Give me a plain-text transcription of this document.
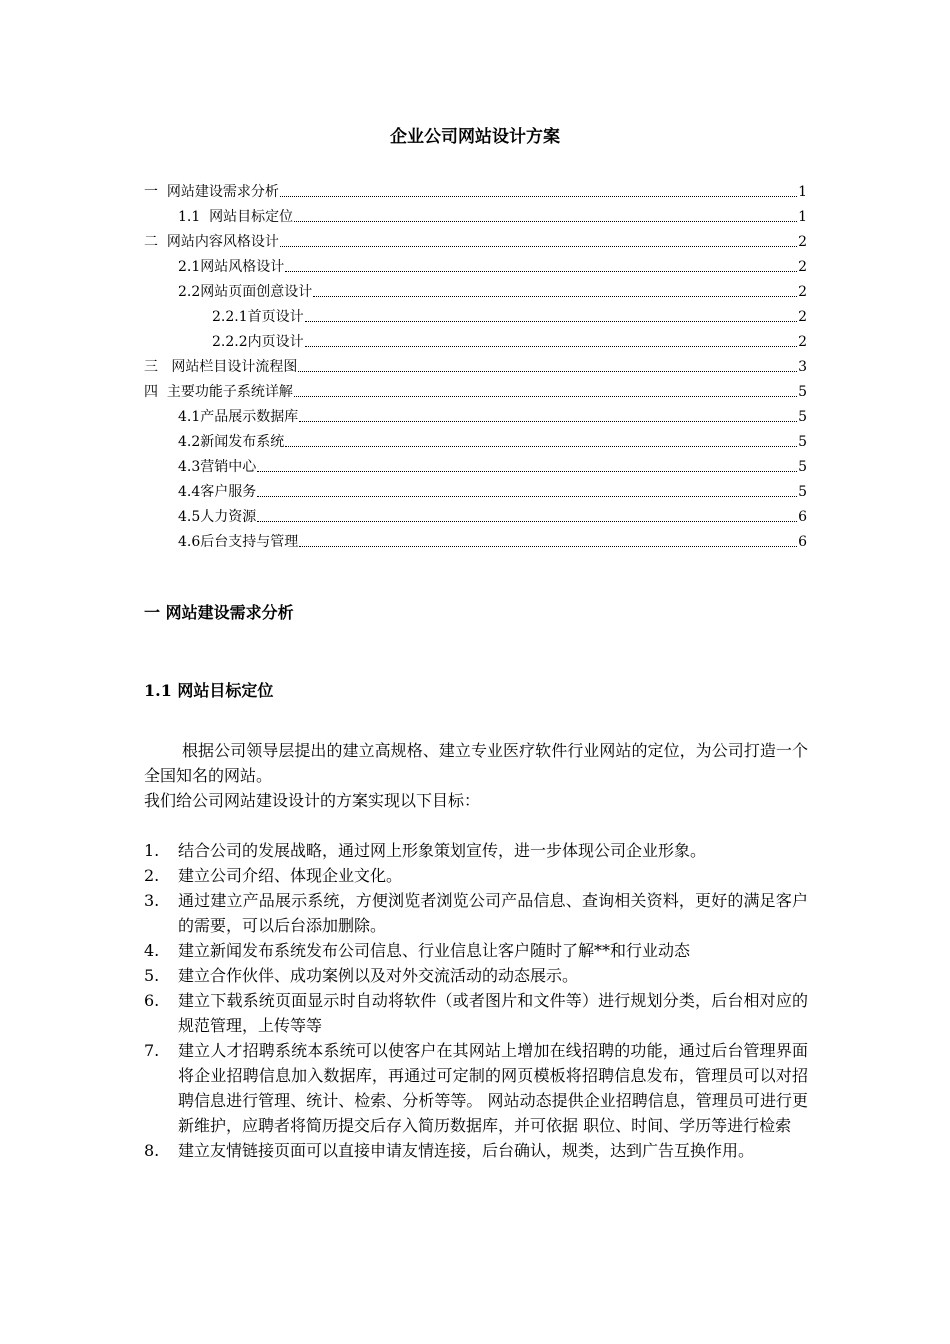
企业公司网站设计方案
一  网站建设需求分析	1
1.1  网站目标定位	1
二  网站内容风格设计	2
2.1网站风格设计	2
2.2网站页面创意设计	2
2.2.1首页设计	2
2.2.2内页设计	2
三   网站栏目设计流程图	3
四  主要功能子系统详解	5
4.1产品展示数据库	5
4.2新闻发布系统	5
4.3营销中心	5
4.4客户服务	5
4.5人力资源	6
4.6后台支持与管理	6
一 网站建设需求分析
1.1 网站目标定位
根据公司领导层提出的建立高规格、建立专业医疗软件行业网站的定位，为公司打造一个全国知名的网站。
我们给公司网站建设设计的方案实现以下目标：
1.	结合公司的发展战略，通过网上形象策划宣传，进一步体现公司企业形象。
2.	建立公司介绍、体现企业文化。
3.	通过建立产品展示系统，方便浏览者浏览公司产品信息、查询相关资料，更好的满足客户的需要，可以后台添加删除。
4.	建立新闻发布系统发布公司信息、行业信息让客户随时了解**和行业动态
5.	建立合作伙伴、成功案例以及对外交流活动的动态展示。
6.	建立下载系统页面显示时自动将软件（或者图片和文件等）进行规划分类，后台相对应的规范管理，上传等等
7.	建立人才招聘系统本系统可以使客户在其网站上增加在线招聘的功能，通过后台管理界面将企业招聘信息加入数据库，再通过可定制的网页模板将招聘信息发布，管理员可以对招聘信息进行管理、统计、检索、分析等等。 网站动态提供企业招聘信息，管理员可进行更新维护，应聘者将简历提交后存入简历数据库，并可依据 职位、时间、学历等进行检索
8.	建立友情链接页面可以直接申请友情连接，后台确认，规类，达到广告互换作用。
